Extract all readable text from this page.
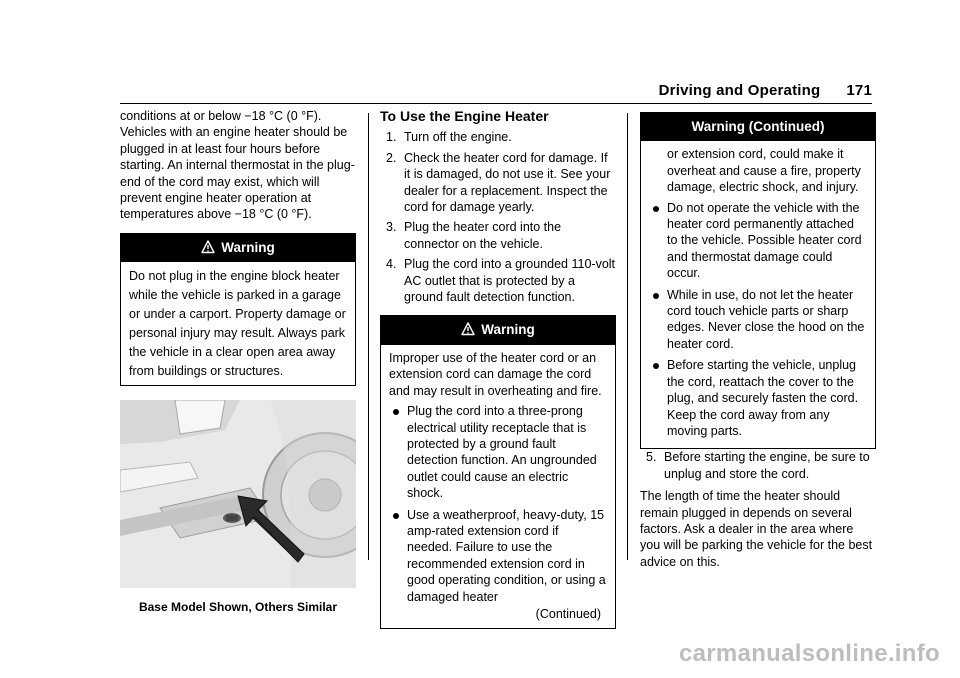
Driving and Operating 171

conditions at or below −18 °C (0 °F). Vehicles with an engine heater should be plugged in at least four hours before starting. An internal thermostat in the plug-end of the cord may exist, which will prevent engine heater operation at temperatures above −18 °C (0 °F).

Warning
Do not plug in the engine block heater while the vehicle is parked in a garage or under a carport. Property damage or personal injury may result. Always park the vehicle in a clear open area away from buildings or structures.
Base Model Shown, Others Similar
To Use the Engine Heater
1. Turn off the engine.
2. Check the heater cord for damage. If it is damaged, do not use it. See your dealer for a replacement. Inspect the cord for damage yearly.
3. Plug the heater cord into the connector on the vehicle.
4. Plug the cord into a grounded 110-volt AC outlet that is protected by a ground fault detection function.
Warning

Improper use of the heater cord or an extension cord can damage the cord and may result in overheating and fire.

Plug the cord into a three-prong electrical utility receptacle that is protected by a ground fault detection function. An ungrounded outlet could cause an electric shock.
Use a weatherproof, heavy-duty, 15 amp-rated extension cord if needed. Failure to use the recommended extension cord in good operating condition, or using a damaged heater
(Continued)
Warning (Continued)

or extension cord, could make it overheat and cause a fire, property damage, electric shock, and injury.

Do not operate the vehicle with the heater cord permanently attached to the vehicle. Possible heater cord and thermostat damage could occur.
While in use, do not let the heater cord touch vehicle parts or sharp edges. Never close the hood on the heater cord.
Before starting the vehicle, unplug the cord, reattach the cover to the plug, and securely fasten the cord. Keep the cord away from any moving parts.
5. Before starting the engine, be sure to unplug and store the cord.

The length of time the heater should remain plugged in depends on several factors. Ask a dealer in the area where you will be parking the vehicle for the best advice on this.

carmanualsonline.info
